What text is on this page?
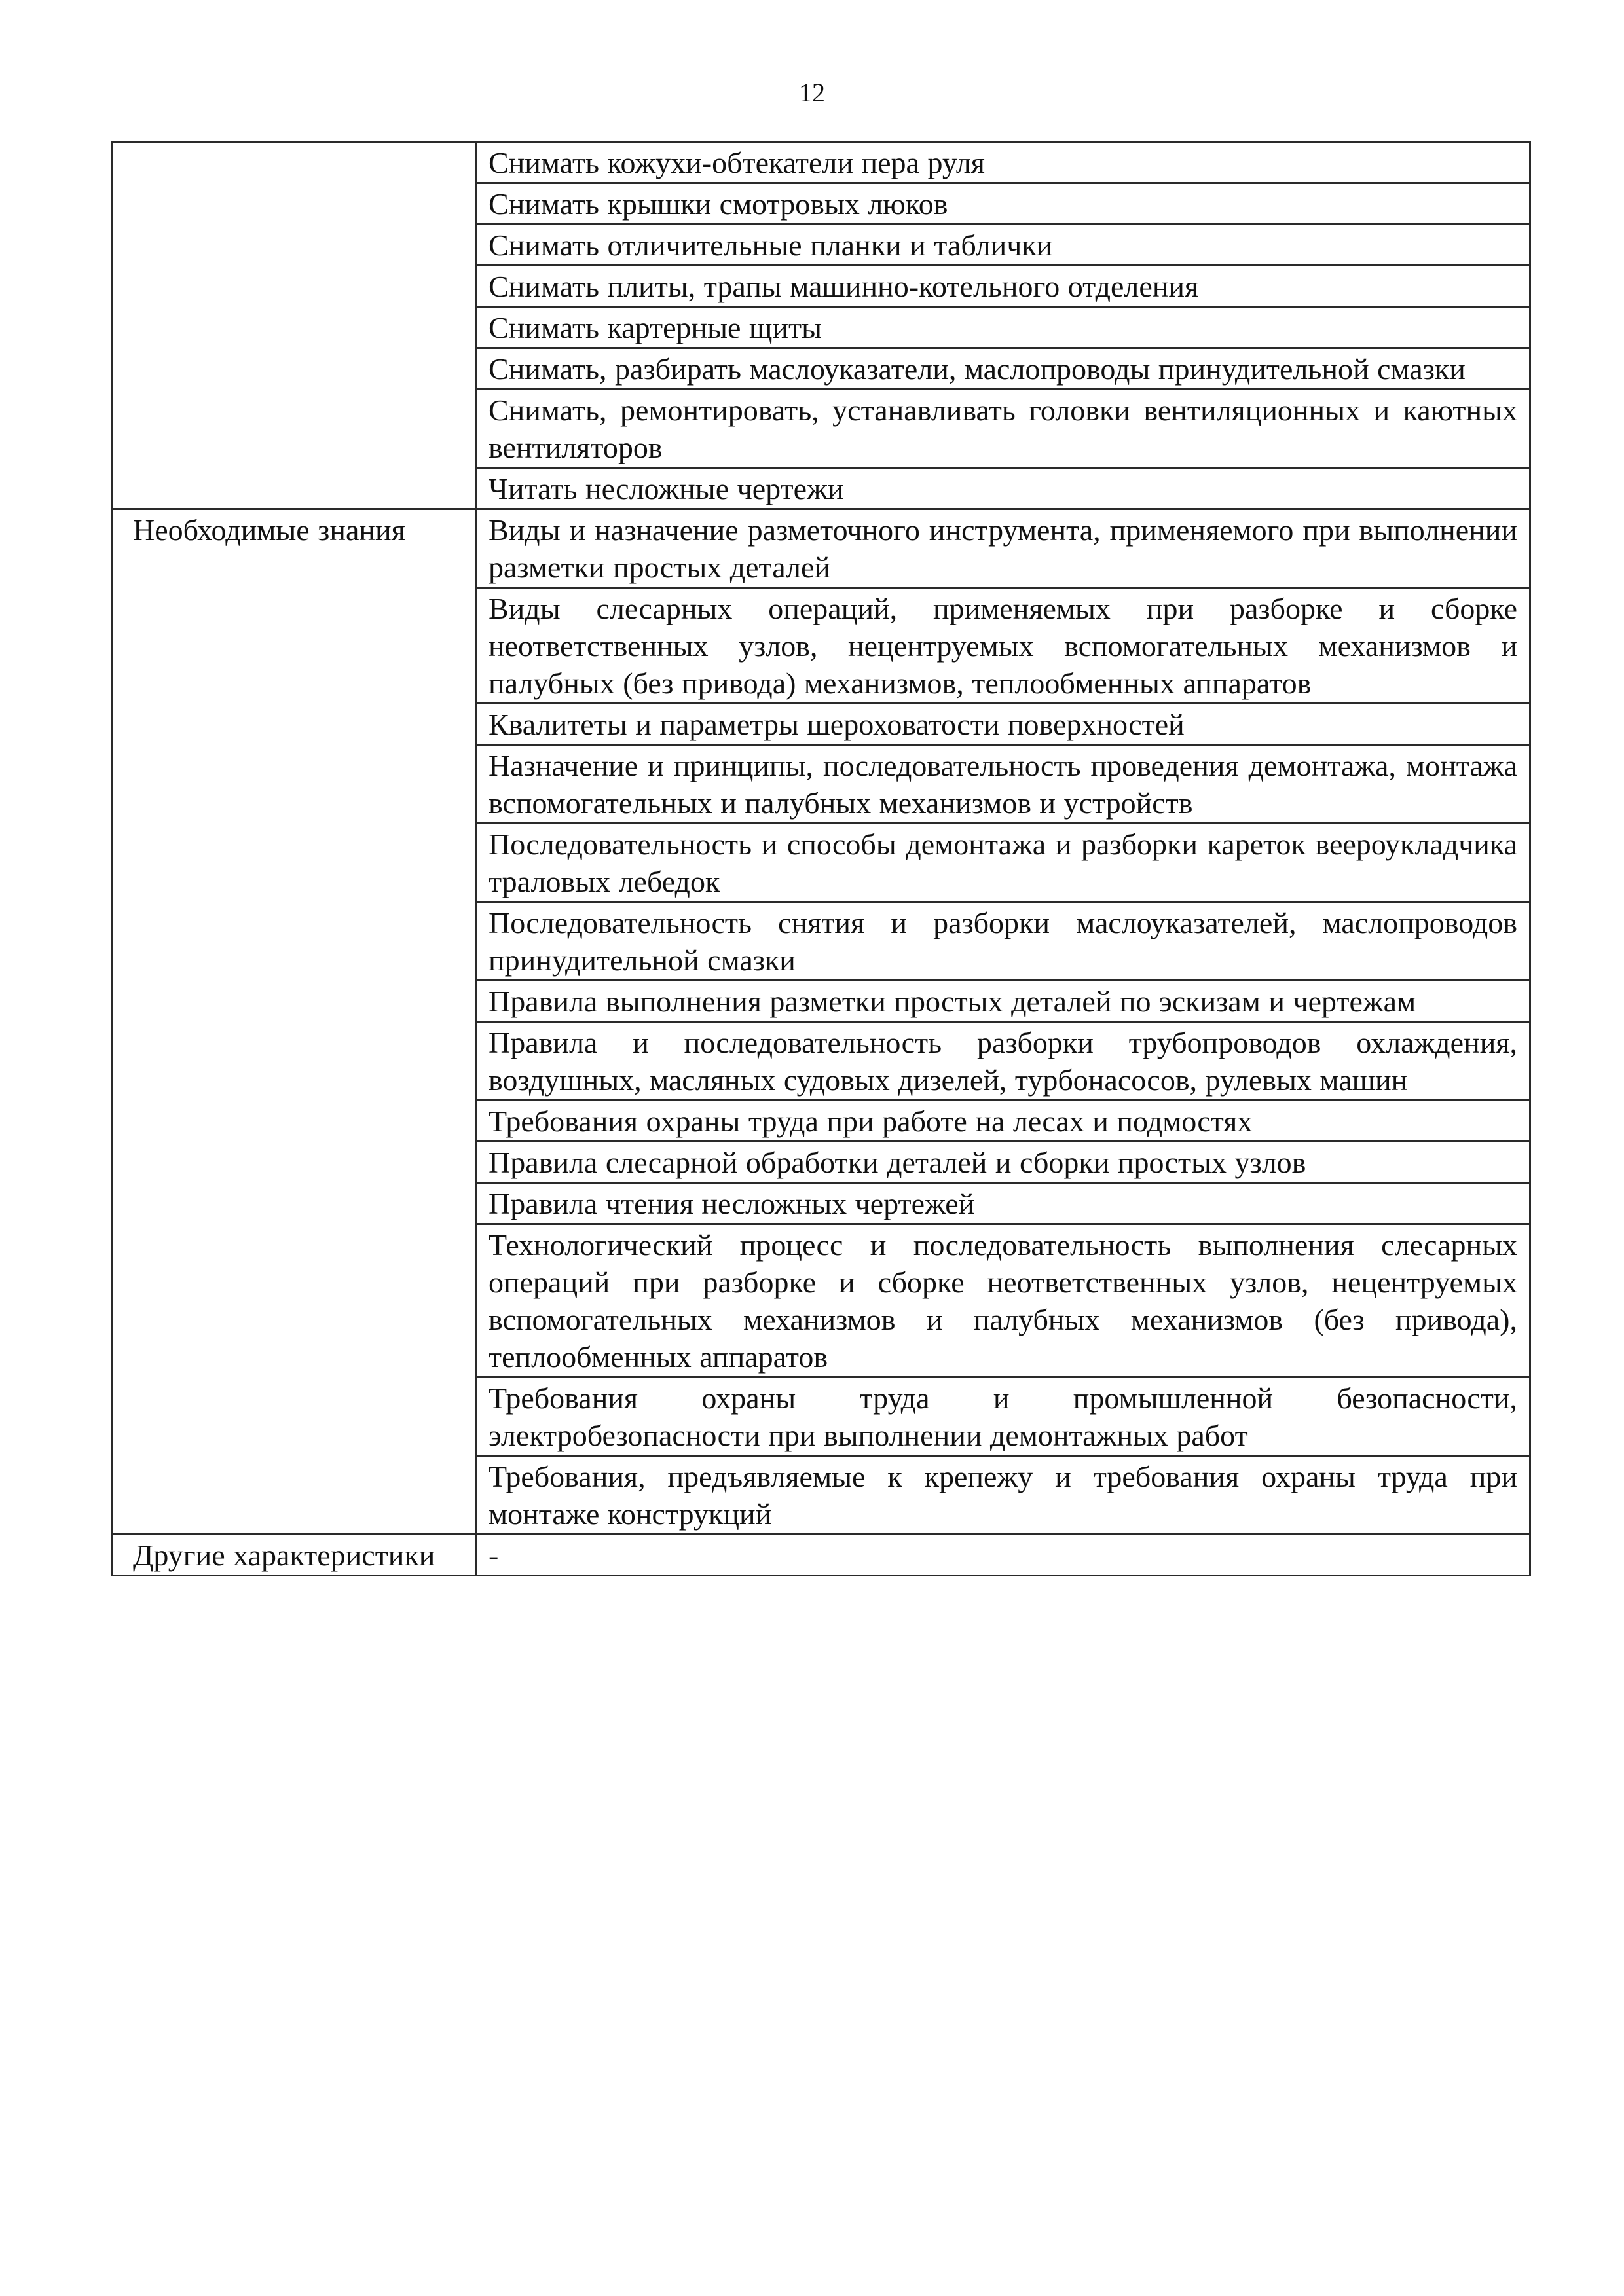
12
	Снимать кожухи-обтекатели пера руля
	Снимать крышки смотровых люков
	Снимать отличительные планки и таблички
	Снимать плиты, трапы машинно-котельного отделения
	Снимать картерные щиты
	Снимать, разбирать маслоуказатели, маслопроводы принудительной смазки
	Снимать, ремонтировать, устанавливать головки вентиляционных и каютных вентиляторов
	Читать несложные чертежи
Необходимые знания	Виды и назначение разметочного инструмента, применяемого при выполнении разметки простых деталей
	Виды слесарных операций, применяемых при разборке и сборке неответственных узлов, нецентруемых вспомогательных механизмов и палубных (без привода) механизмов, теплообменных аппаратов
	Квалитеты и параметры шероховатости поверхностей
	Назначение и принципы, последовательность проведения демонтажа, монтажа вспомогательных и палубных механизмов и устройств
	Последовательность и способы демонтажа и разборки кареток веероукладчика траловых лебедок
	Последовательность снятия и разборки маслоуказателей, маслопроводов принудительной смазки
	Правила выполнения разметки простых деталей по эскизам и чертежам
	Правила и последовательность разборки трубопроводов охлаждения, воздушных, масляных судовых дизелей, турбонасосов, рулевых машин
	Требования охраны труда при работе на лесах и подмостях
	Правила слесарной обработки деталей и сборки простых узлов
	Правила чтения несложных чертежей
	Технологический процесс и последовательность выполнения слесарных операций при разборке и сборке неответственных узлов, нецентруемых вспомогательных механизмов и палубных механизмов (без привода), теплообменных аппаратов
	Требования охраны труда и промышленной безопасности, электробезопасности при выполнении демонтажных работ
	Требования, предъявляемые к крепежу и требования охраны труда при монтаже конструкций
Другие характеристики	-
